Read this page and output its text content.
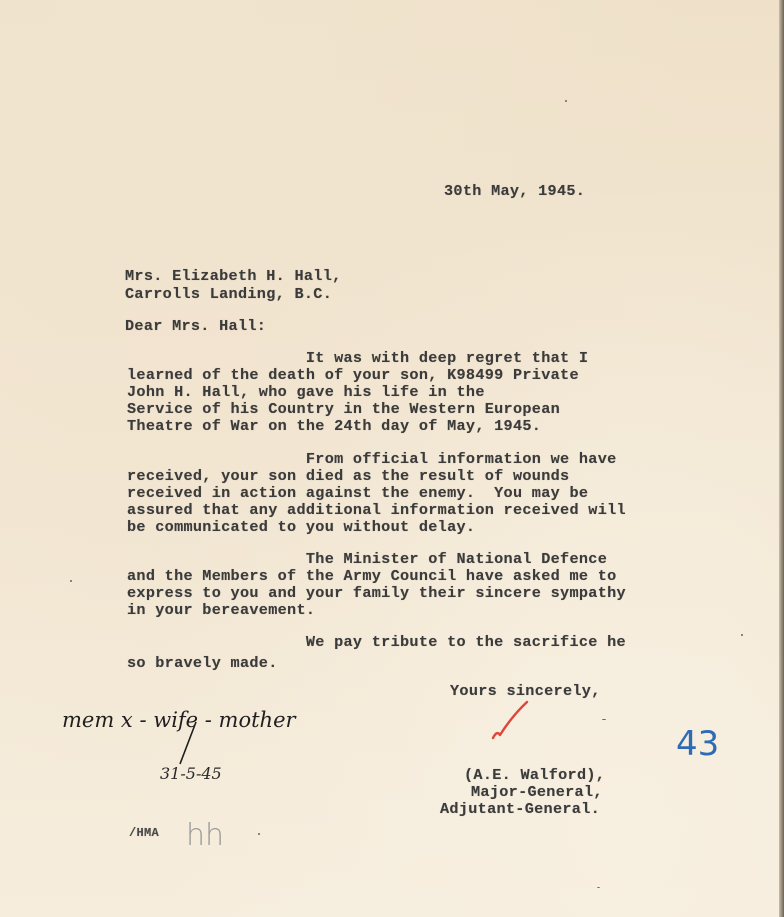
30th May, 1945.
Mrs. Elizabeth H. Hall,
Carrolls Landing, B.C.
Dear Mrs. Hall:
It was with deep regret that I
learned of the death of your son, K98499 Private
John H. Hall, who gave his life in the
Service of his Country in the Western European
Theatre of War on the 24th day of May, 1945.
From official information we have
received, your son died as the result of wounds
received in action against the enemy.  You may be
assured that any additional information received will
be communicated to you without delay.
The Minister of National Defence
and the Members of the Army Council have asked me to
express to you and your family their sincere sympathy
in your bereavement.
We pay tribute to the sacrifice he
so bravely made.
Yours sincerely,
(A.E. Walford),
Major-General,
Adjutant-General.
/HMA
mem x - wife - mother
31-5-45
hh
43
